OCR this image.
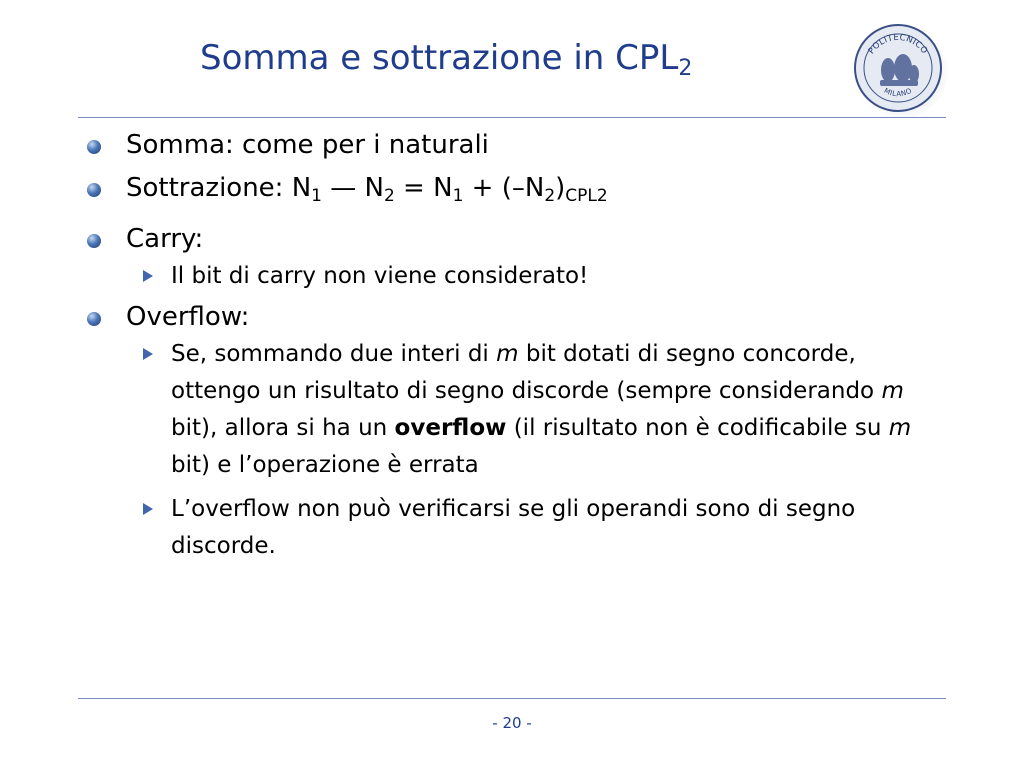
Somma e sottrazione in $CPL_2$
POLITECNICO
MILANO
Somma: come per i naturali
Sottrazione: $N_1$ — $N_2 = N_1 + (-N_2)_{CPL2}$
Carry:
Il bit di carry non viene considerato!
Overflow:
Se, sommando due interi di m bit dotati di segno concorde, ottengo un risultato di segno discorde (sempre considerando m bit), allora si ha un overflow (il risultato non è codificabile su m bit) e l’operazione è errata
L’overflow non può verificarsi se gli operandi sono di segno discorde.
- 20 -
